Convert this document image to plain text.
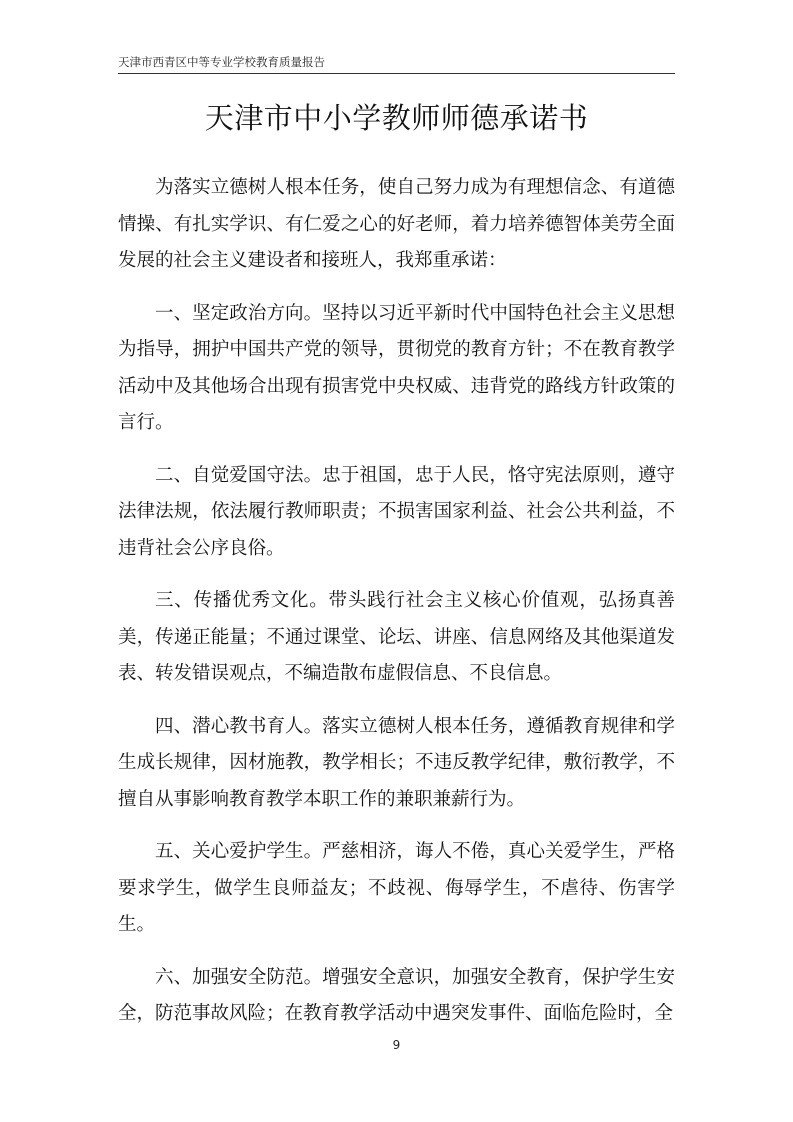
天津市西青区中等专业学校教育质量报告
天津市中小学教师师德承诺书

为落实立德树人根本任务，使自己努力成为有理想信念、有道德情操、有扎实学识、有仁爱之心的好老师，着力培养德智体美劳全面发展的社会主义建设者和接班人，我郑重承诺：

一、坚定政治方向。坚持以习近平新时代中国特色社会主义思想为指导，拥护中国共产党的领导，贯彻党的教育方针；不在教育教学活动中及其他场合出现有损害党中央权威、违背党的路线方针政策的言行。

二、自觉爱国守法。忠于祖国，忠于人民，恪守宪法原则，遵守法律法规，依法履行教师职责；不损害国家利益、社会公共利益，不违背社会公序良俗。

三、传播优秀文化。带头践行社会主义核心价值观，弘扬真善美，传递正能量；不通过课堂、论坛、讲座、信息网络及其他渠道发表、转发错误观点，不编造散布虚假信息、不良信息。

四、潜心教书育人。落实立德树人根本任务，遵循教育规律和学生成长规律，因材施教，教学相长；不违反教学纪律，敷衍教学，不擅自从事影响教育教学本职工作的兼职兼薪行为。

五、关心爱护学生。严慈相济，诲人不倦，真心关爱学生，严格要求学生，做学生良师益友；不歧视、侮辱学生，不虐待、伤害学生。

六、加强安全防范。增强安全意识，加强安全教育，保护学生安全，防范事故风险；在教育教学活动中遇突发事件、面临危险时，全

9
